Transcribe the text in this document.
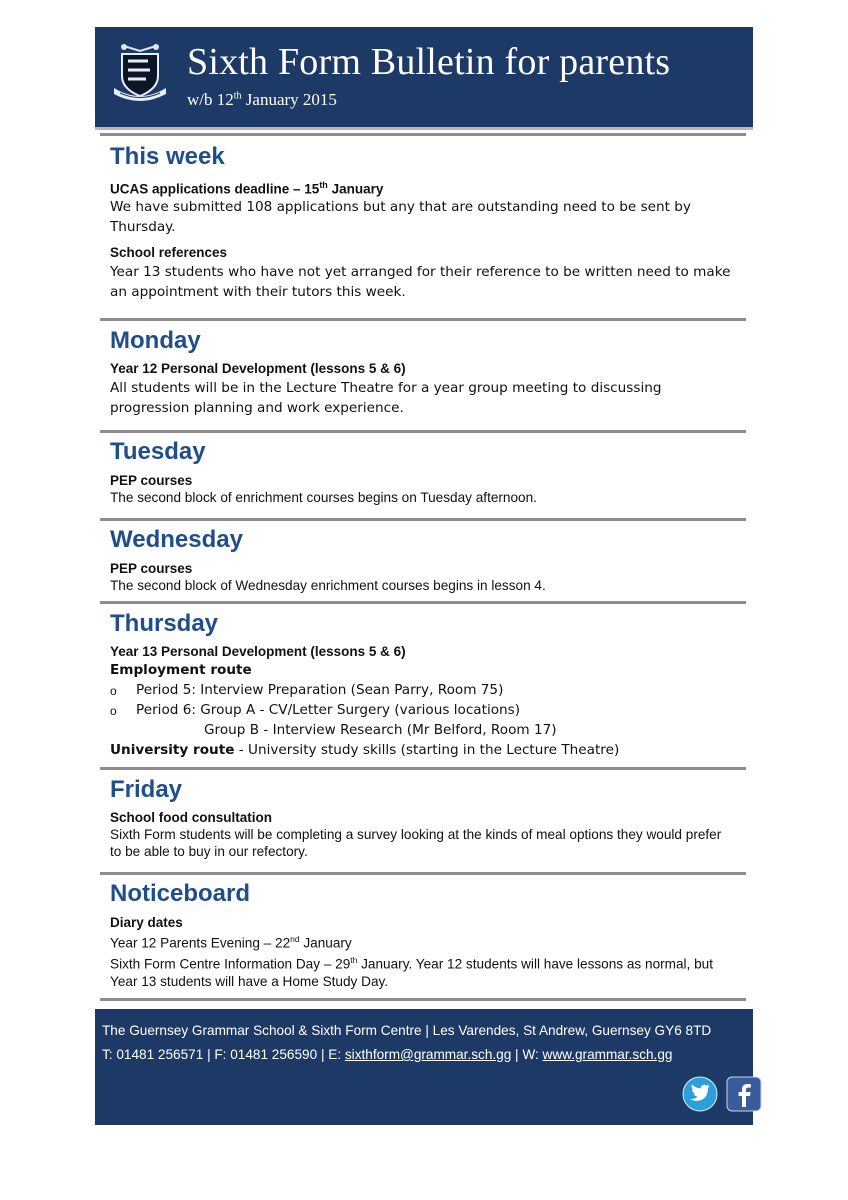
Sixth Form Bulletin for parents
w/b 12th January 2015
This week
UCAS applications deadline – 15th January
We have submitted 108 applications but any that are outstanding need to be sent by Thursday.
School references
Year 13 students who have not yet arranged for their reference to be written need to make an appointment with their tutors this week.
Monday
Year 12 Personal Development (lessons 5 & 6)
All students will be in the Lecture Theatre for a year group meeting to discussing progression planning and work experience.
Tuesday
PEP courses
The second block of enrichment courses begins on Tuesday afternoon.
Wednesday
PEP courses
The second block of Wednesday enrichment courses begins in lesson 4.
Thursday
Year 13 Personal Development (lessons 5 & 6)
Employment route
o Period 5: Interview Preparation (Sean Parry, Room 75)
o Period 6: Group A - CV/Letter Surgery (various locations)
Group B - Interview Research (Mr Belford, Room 17)
University route - University study skills (starting in the Lecture Theatre)
Friday
School food consultation
Sixth Form students will be completing a survey looking at the kinds of meal options they would prefer to be able to buy in our refectory.
Noticeboard
Diary dates
Year 12 Parents Evening – 22nd January
Sixth Form Centre Information Day – 29th January. Year 12 students will have lessons as normal, but Year 13 students will have a Home Study Day.
The Guernsey Grammar School & Sixth Form Centre | Les Varendes, St Andrew, Guernsey GY6 8TD
T: 01481 256571 | F: 01481 256590 | E: sixthform@grammar.sch.gg | W: www.grammar.sch.gg
